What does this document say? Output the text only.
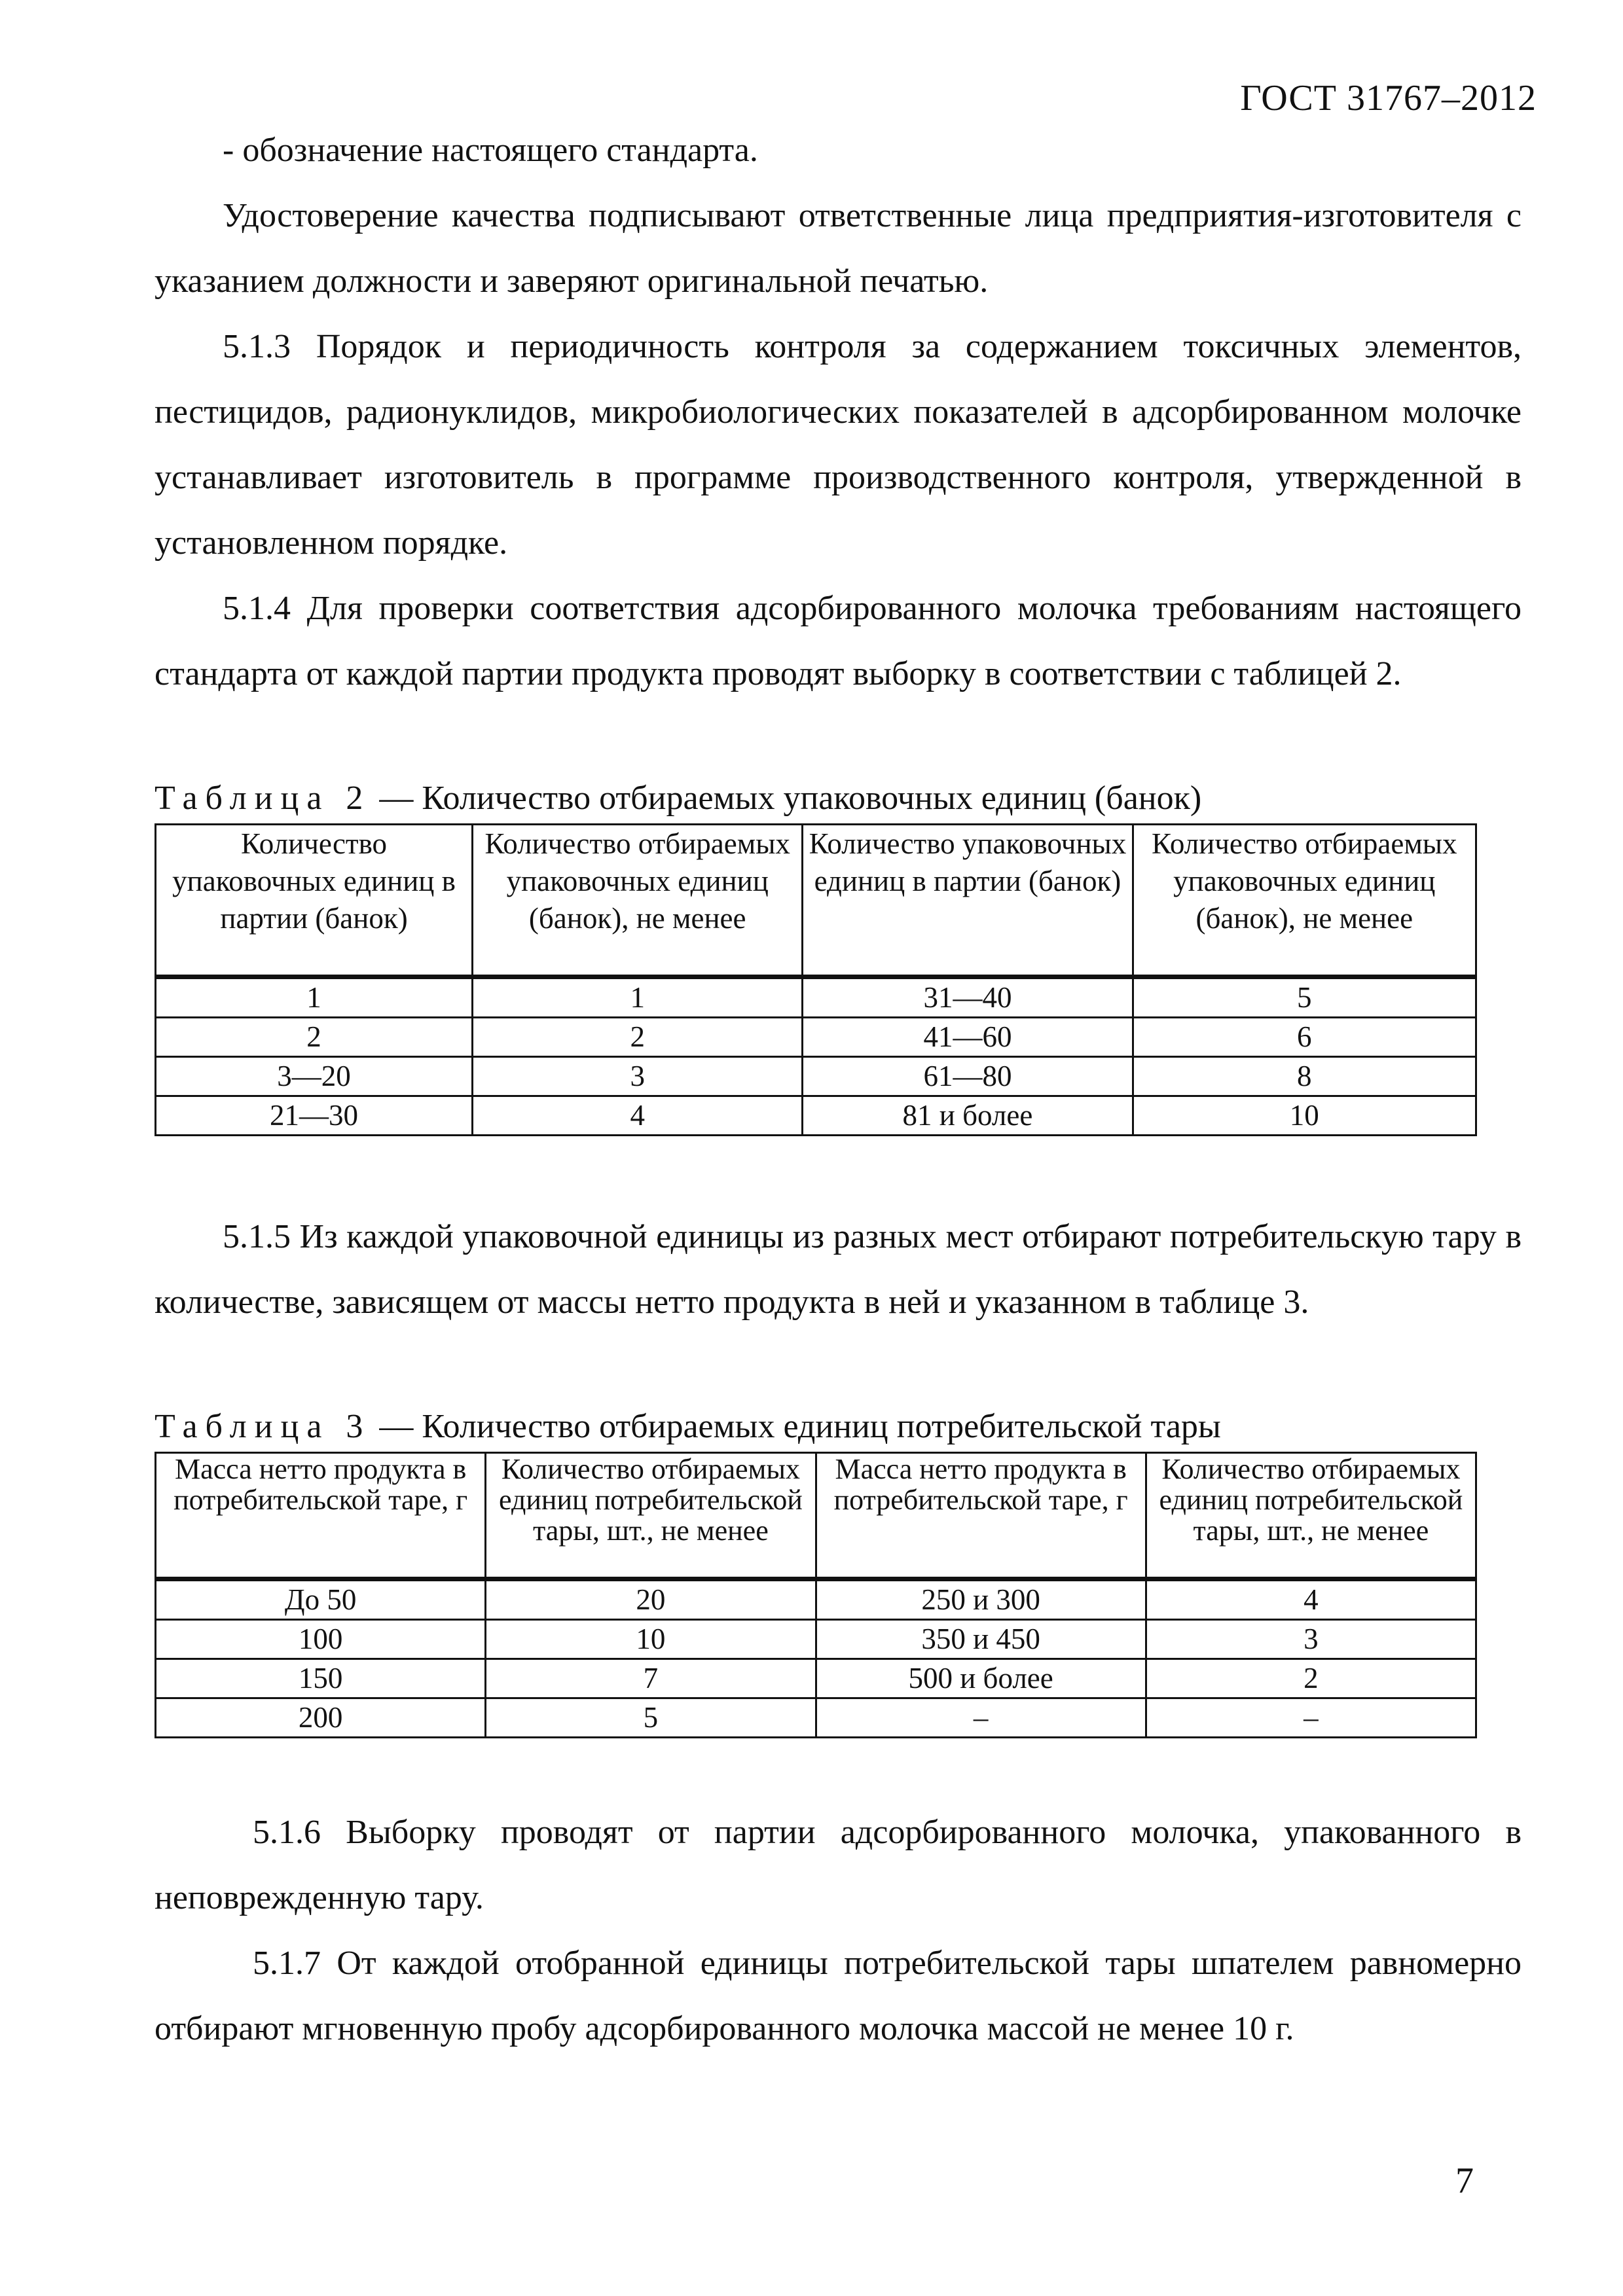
ГОСТ 31767–2012

- обозначение настоящего стандарта.

Удостоверение качества подписывают ответственные лица предприятия-изготовителя с указанием должности и заверяют оригинальной печатью.

5.1.3 Порядок и периодичность контроля за содержанием токсичных элементов, пестицидов, радионуклидов, микробиологических показателей в адсорбированном молочке устанавливает изготовитель в программе производственного контроля, утвержденной в установленном порядке.

5.1.4 Для проверки соответствия адсорбированного молочка требованиям настоящего стандарта от каждой партии продукта проводят выборку в соответствии с таблицей 2.

Таблица 2 — Количество отбираемых упаковочных единиц (банок)
Количество упаковочных единиц в партии (банок)	Количество отбираемых упаковочных единиц (банок), не менее	Количество упаковочных единиц в партии (банок)	Количество отбираемых упаковочных единиц (банок), не менее
1	1	31—40	5
2	2	41—60	6
3—20	3	61—80	8
21—30	4	81 и более	10

5.1.5 Из каждой упаковочной единицы из разных мест отбирают потребительскую тару в количестве, зависящем от массы нетто продукта в ней и указанном в таблице 3.

Таблица 3 — Количество отбираемых единиц потребительской тары
Масса нетто продукта в потребительской таре, г	Количество отбираемых единиц потребительской тары, шт., не менее	Масса нетто продукта в потребительской таре, г	Количество отбираемых единиц потребительской тары, шт., не менее
До 50	20	250 и 300	4
100	10	350 и 450	3
150	7	500 и более	2
200	5	–	–

5.1.6 Выборку проводят от партии адсорбированного молочка, упакованного в неповрежденную тару.

5.1.7 От каждой отобранной единицы потребительской тары шпателем равномерно отбирают мгновенную пробу адсорбированного молочка массой не менее 10 г.

7
